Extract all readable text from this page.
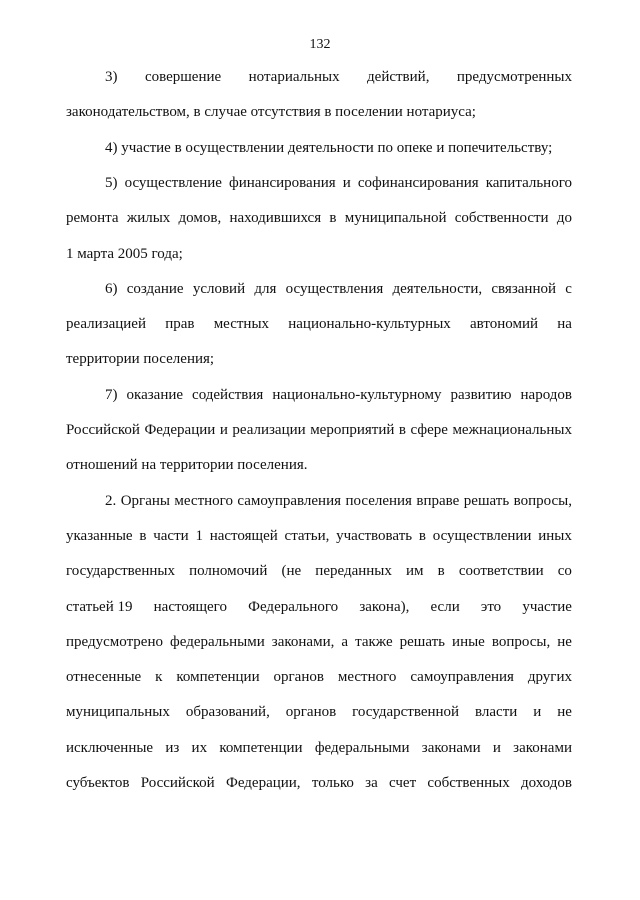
132
3) совершение нотариальных действий, предусмотренных
законодательством, в случае отсутствия в поселении нотариуса;
4) участие в осуществлении деятельности по опеке и попечительству;
5) осуществление финансирования и софинансирования капитального
ремонта жилых домов, находившихся в муниципальной собственности до
1 марта 2005 года;
6) создание условий для осуществления деятельности, связанной с
реализацией прав местных национально-культурных автономий на
территории поселения;
7) оказание содействия национально-культурному развитию народов
Российской Федерации и реализации мероприятий в сфере межнациональных
отношений на территории поселения.
2. Органы местного самоуправления поселения вправе решать вопросы,
указанные в части 1 настоящей статьи, участвовать в осуществлении иных
государственных полномочий (не переданных им в соответствии со
статьей 19 настоящего Федерального закона), если это участие
предусмотрено федеральными законами, а также решать иные вопросы, не
отнесенные к компетенции органов местного самоуправления других
муниципальных образований, органов государственной власти и не
исключенные из их компетенции федеральными законами и законами
субъектов Российской Федерации, только за счет собственных доходов
